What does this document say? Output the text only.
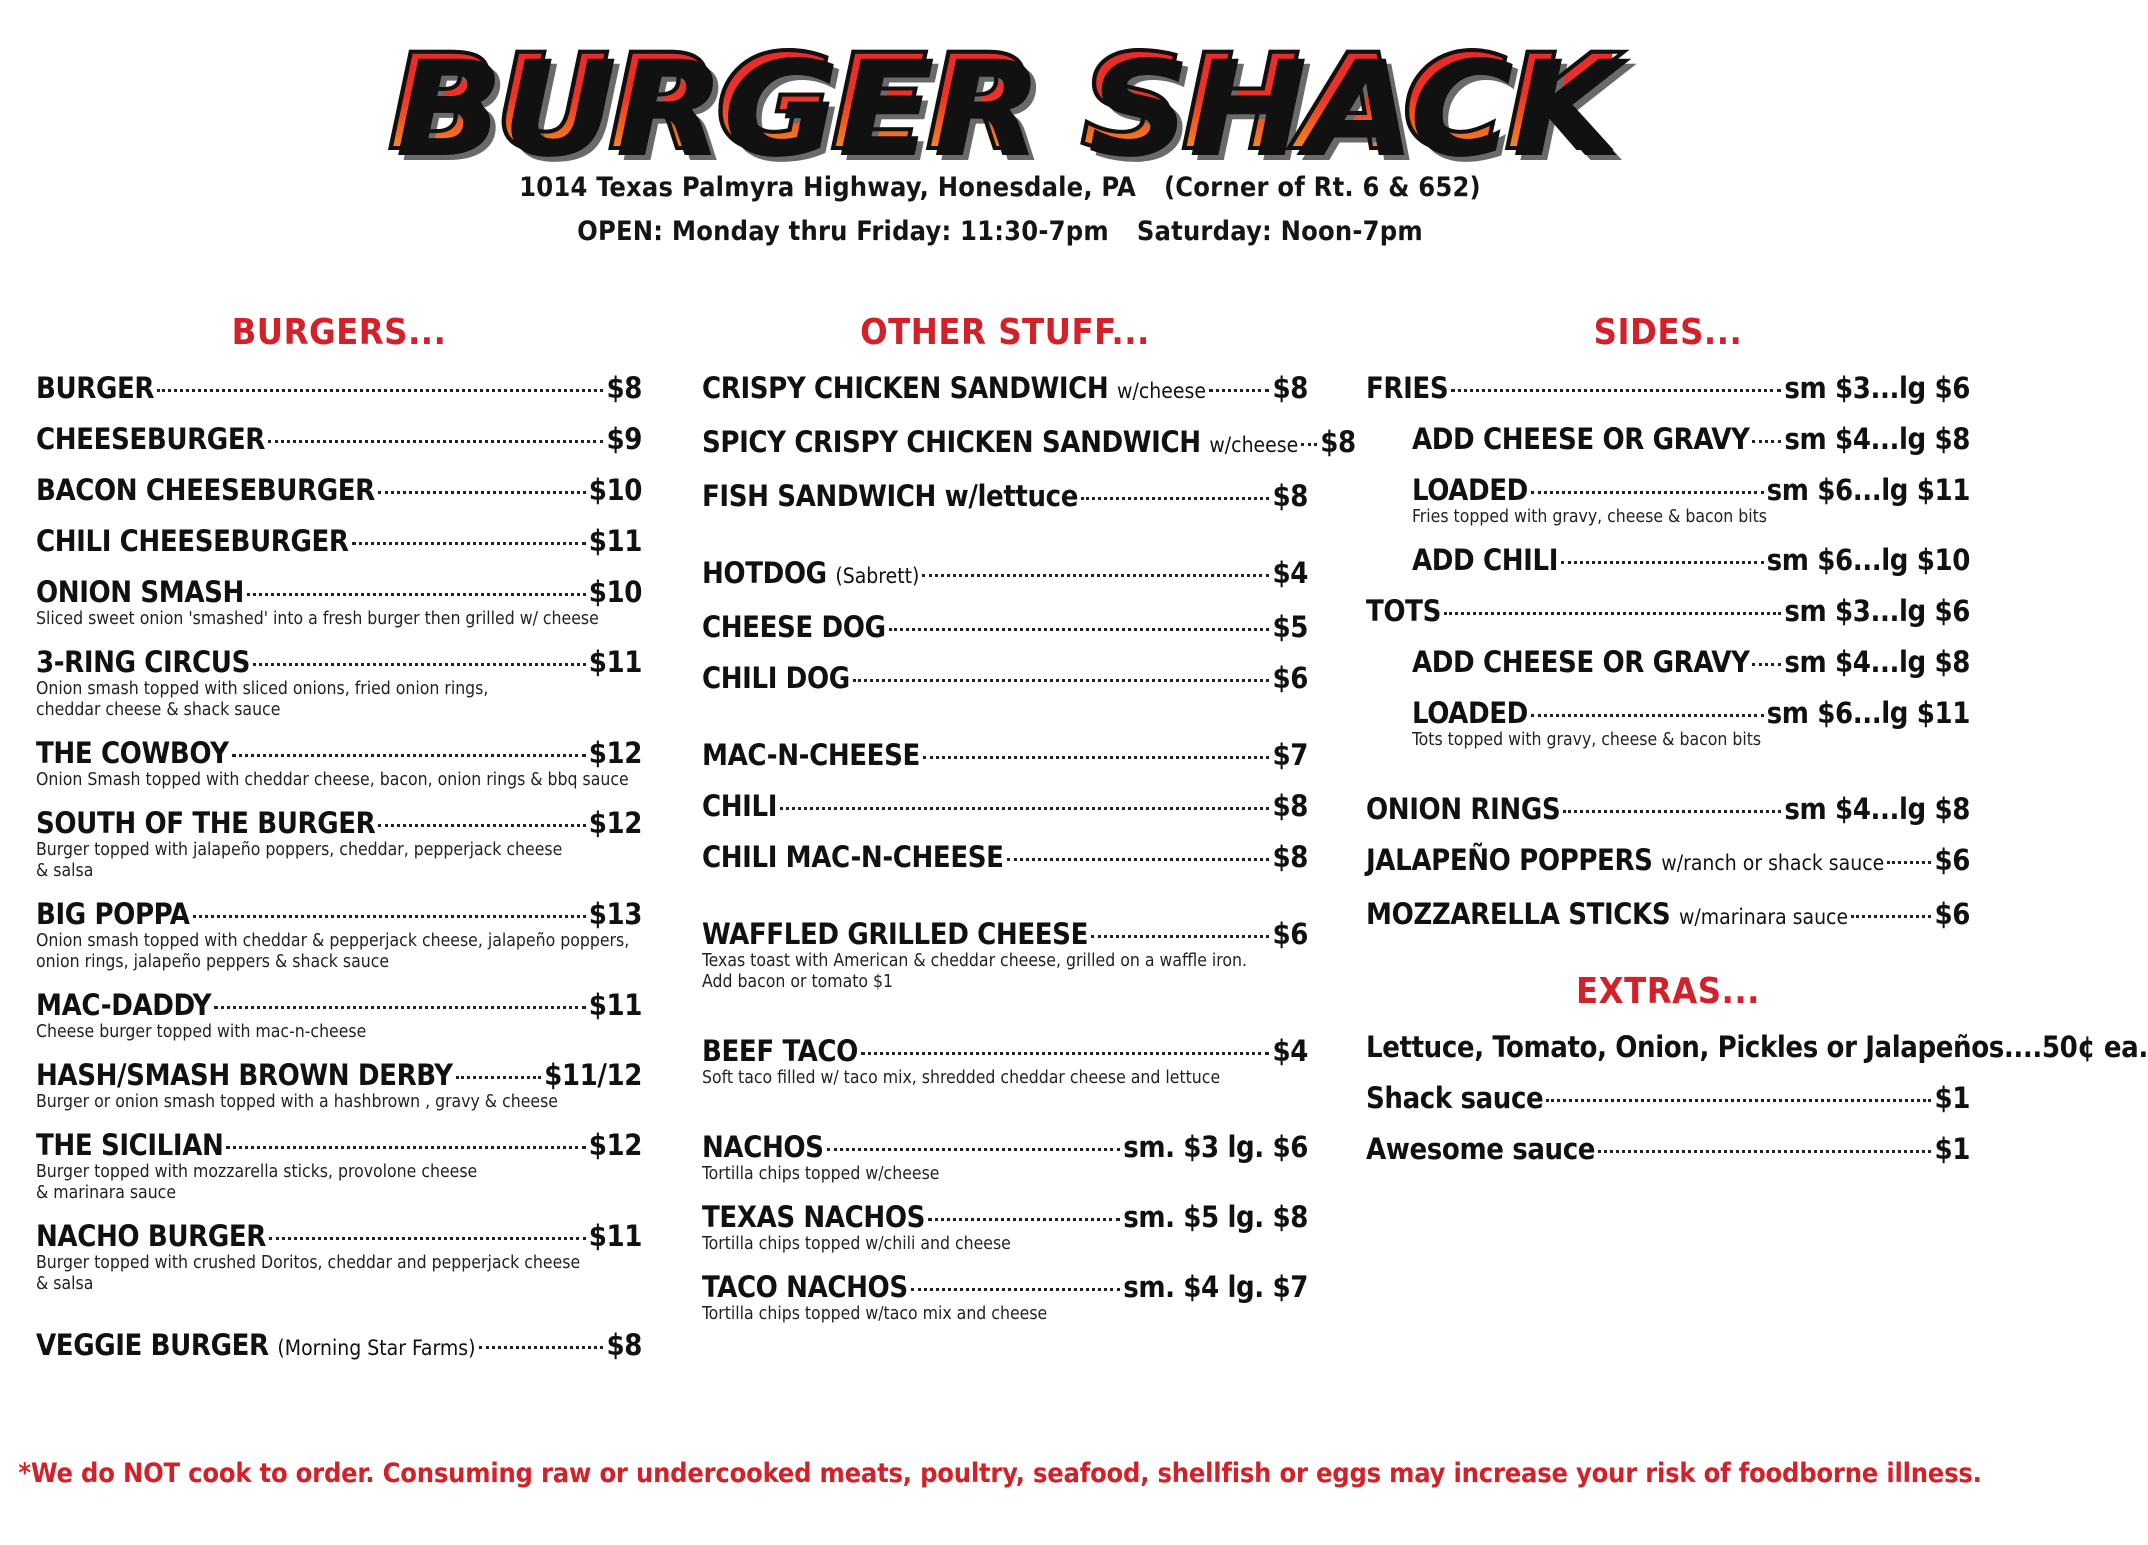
BURGER SHACK
1014 Texas Palmyra Highway, Honesdale, PA (Corner of Rt. 6 & 652)
OPEN: Monday thru Friday: 11:30-7pm Saturday: Noon-7pm
BURGERS...
BURGER	$8
CHEESEBURGER	$9
BACON CHEESEBURGER	$10
CHILI CHEESEBURGER	$11
ONION SMASH	$10
Sliced sweet onion 'smashed' into a fresh burger then grilled w/ cheese
3-RING CIRCUS	$11
Onion smash topped with sliced onions, fried onion rings,
cheddar cheese & shack sauce
THE COWBOY	$12
Onion Smash topped with cheddar cheese, bacon, onion rings & bbq sauce
SOUTH OF THE BURGER	$12
Burger topped with jalapeño poppers, cheddar, pepperjack cheese
& salsa
BIG POPPA	$13
Onion smash topped with cheddar & pepperjack cheese, jalapeño poppers,
onion rings, jalapeño peppers & shack sauce
MAC-DADDY	$11
Cheese burger topped with mac-n-cheese
HASH/SMASH BROWN DERBY	$11/12
Burger or onion smash topped with a hashbrown , gravy & cheese
THE SICILIAN	$12
Burger topped with mozzarella sticks, provolone cheese
& marinara sauce
NACHO BURGER	$11
Burger topped with crushed Doritos, cheddar and pepperjack cheese
& salsa
VEGGIE BURGER
(Morning Star Farms)	$8
OTHER STUFF...
CRISPY CHICKEN SANDWICH
w/cheese $8
SPICY CRISPY CHICKEN SANDWICH
w/cheese $8
FISH SANDWICH w/lettuce	$8
HOTDOG
(Sabrett)	$4
CHEESE DOG	$5
CHILI DOG	$6
MAC-N-CHEESE	$7
CHILI	$8
CHILI MAC-N-CHEESE	$8
WAFFLED GRILLED CHEESE	$6
Texas toast with American & cheddar cheese, grilled on a waffle iron.
Add bacon or tomato $1
BEEF TACO	$4
Soft taco filled w/ taco mix, shredded cheddar cheese and lettuce
NACHOS	sm. $3 lg. $6
Tortilla chips topped w/cheese
TEXAS NACHOS	sm. $5 lg. $8
Tortilla chips topped w/chili and cheese
TACO NACHOS	sm. $4 lg. $7
Tortilla chips topped w/taco mix and cheese
SIDES...
FRIES	sm $3...lg $6
ADD CHEESE OR GRAVY sm $4...lg $8
LOADED	sm $6...lg $11
Fries topped with gravy, cheese & bacon bits
ADD CHILI	sm $6...lg $10
TOTS	sm $3...lg $6
ADD CHEESE OR GRAVY sm $4...lg $8
LOADED	sm $6...lg $11
Tots topped with gravy, cheese & bacon bits
ONION RINGS	sm $4...lg $8
JALAPEÑO POPPERS
w/ranch or shack sauce $6
MOZZARELLA STICKS
w/marinara sauce	$6
EXTRAS...
Lettuce, Tomato, Onion, Pickles or Jalapeños....50¢ ea.
Shack sauce	$1
Awesome sauce	$1
*We do NOT cook to order. Consuming raw or undercooked meats, poultry, seafood, shellfish or eggs may increase your risk of foodborne illness.
